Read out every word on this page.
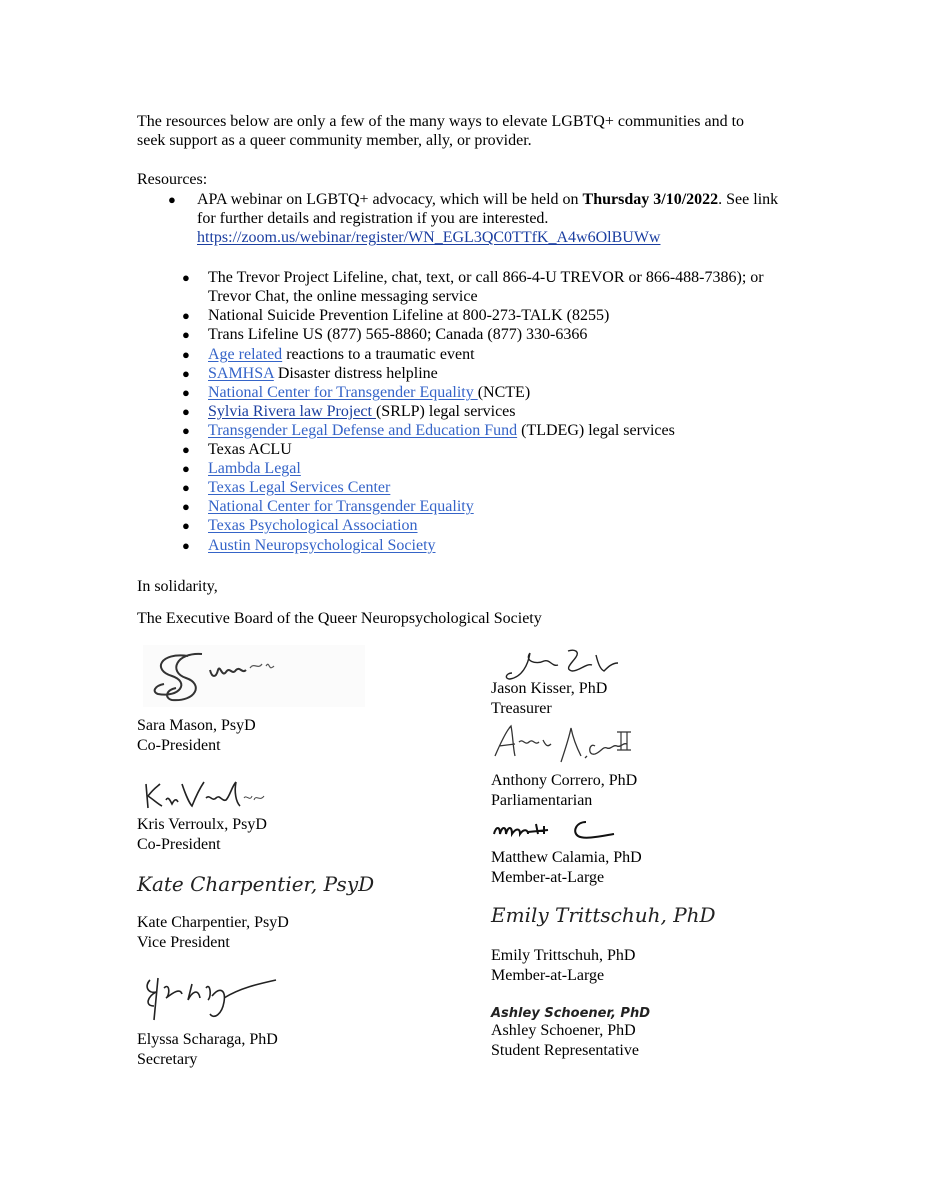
The resources below are only a few of the many ways to elevate LGBTQ+ communities and to

seek support as a queer community member, ally, or provider.

Resources:
●	APA webinar on LGBTQ+ advocacy, which will be held on Thursday 3/10/2022. See link for further details and registration if you are interested.
https://zoom.us/webinar/register/WN_EGL3QC0TTfK_A4w6OlBUWw
●	The Trevor Project Lifeline, chat, text, or call 866-4-U TREVOR or 866-488-7386); or Trevor Chat, the online messaging service
●	National Suicide Prevention Lifeline at 800-273-TALK (8255)
●	Trans Lifeline US (877) 565-8860; Canada (877) 330-6366
●	Age related reactions to a traumatic event
●	SAMHSA Disaster distress helpline
●	National Center for Transgender Equality (NCTE)
●	Sylvia Rivera law Project (SRLP) legal services
●	Transgender Legal Defense and Education Fund (TLDEG) legal services
●	Texas ACLU
●	Lambda Legal
●	Texas Legal Services Center
●	National Center for Transgender Equality
●	Texas Psychological Association
●	Austin Neuropsychological Society
In solidarity,
The Executive Board of the Queer Neuropsychological Society
Sara Mason, PsyD
Co-President
Kris Verroulx, PsyD
Co-President
Kate Charpentier, PsyD
Kate Charpentier, PsyD
Vice President
Elyssa Scharaga, PhD
Secretary
Jason Kisser, PhD
Treasurer
Anthony Correro, PhD
Parliamentarian
Matthew Calamia, PhD
Member-at-Large
Emily Trittschuh, PhD
Emily Trittschuh, PhD
Member-at-Large
Ashley Schoener, PhD
Ashley Schoener, PhD
Student Representative
